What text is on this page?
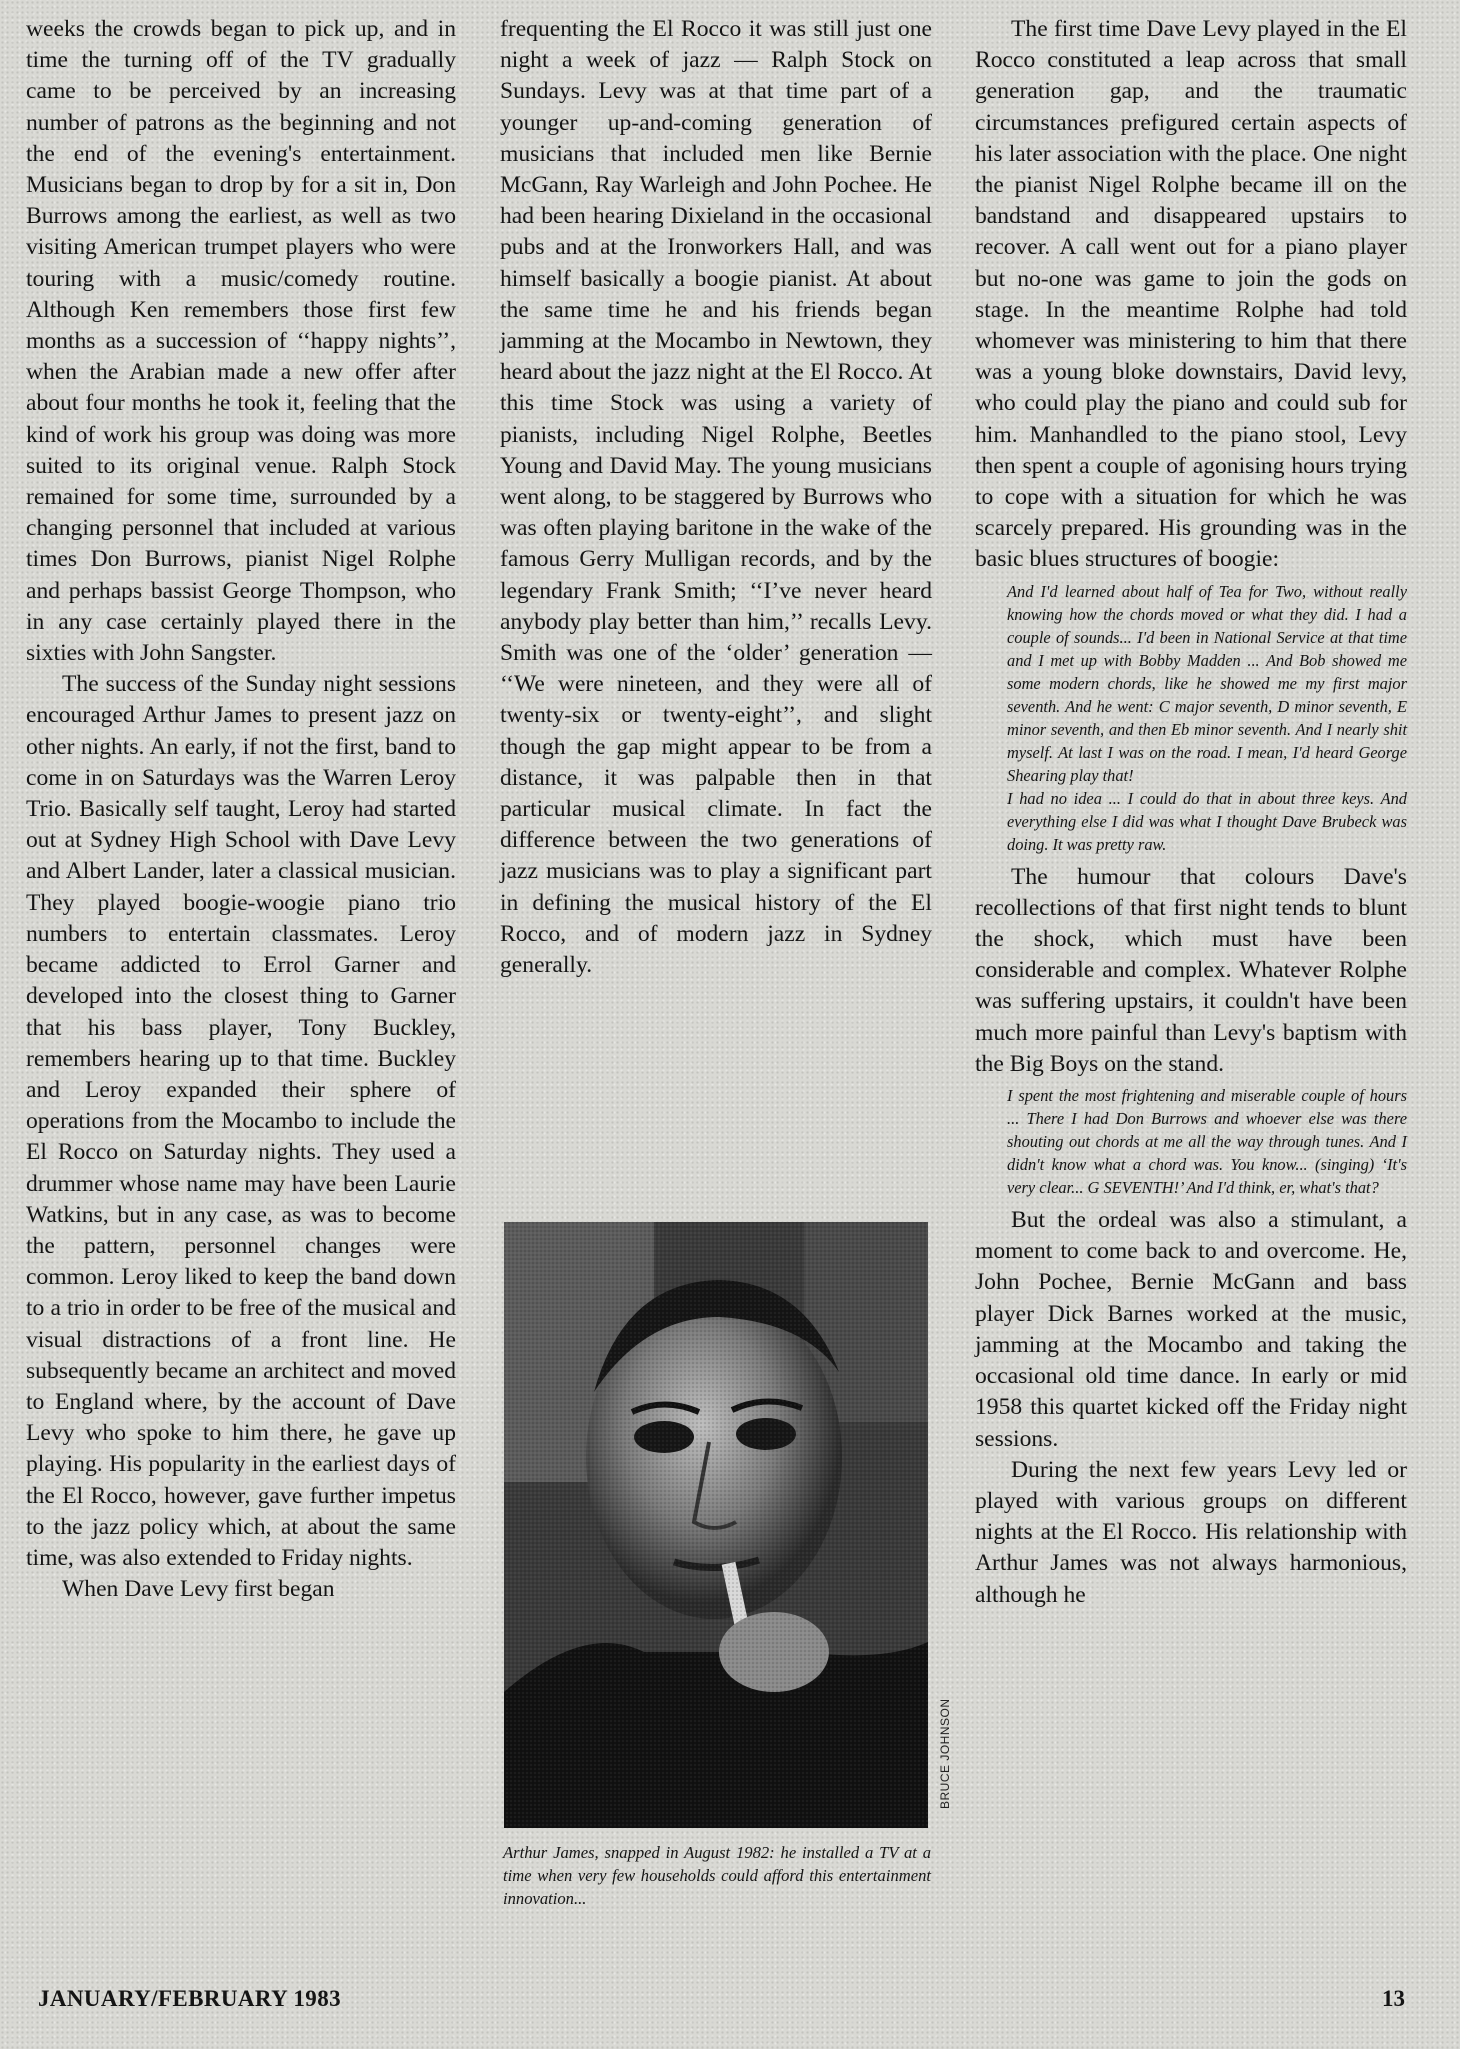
weeks the crowds began to pick up, and in time the turning off of the TV gradually came to be perceived by an increasing number of patrons as the beginning and not the end of the evening's entertainment. Musicians began to drop by for a sit in, Don Burrows among the earliest, as well as two visiting American trumpet players who were touring with a music/comedy routine. Although Ken remembers those first few months as a succession of ‘‘happy nights’’, when the Arabian made a new offer after about four months he took it, feeling that the kind of work his group was doing was more suited to its original venue. Ralph Stock remained for some time, surrounded by a changing personnel that included at various times Don Burrows, pianist Nigel Rolphe and perhaps bassist George Thompson, who in any case certainly played there in the sixties with John Sangster.

The success of the Sunday night sessions encouraged Arthur James to present jazz on other nights. An early, if not the first, band to come in on Saturdays was the Warren Leroy Trio. Basically self taught, Leroy had started out at Sydney High School with Dave Levy and Albert Lander, later a classical musician. They played boogie-woogie piano trio numbers to entertain classmates. Leroy became addicted to Errol Garner and developed into the closest thing to Garner that his bass player, Tony Buckley, remembers hearing up to that time. Buckley and Leroy expanded their sphere of operations from the Mocambo to include the El Rocco on Saturday nights. They used a drummer whose name may have been Laurie Watkins, but in any case, as was to become the pattern, personnel changes were common. Leroy liked to keep the band down to a trio in order to be free of the musical and visual distractions of a front line. He subsequently became an architect and moved to England where, by the account of Dave Levy who spoke to him there, he gave up playing. His popularity in the earliest days of the El Rocco, however, gave further impetus to the jazz policy which, at about the same time, was also extended to Friday nights.

When Dave Levy first began

frequenting the El Rocco it was still just one night a week of jazz — Ralph Stock on Sundays. Levy was at that time part of a younger up-and-coming generation of musicians that included men like Bernie McGann, Ray Warleigh and John Pochee. He had been hearing Dixieland in the occasional pubs and at the Ironworkers Hall, and was himself basically a boogie pianist. At about the same time he and his friends began jamming at the Mocambo in Newtown, they heard about the jazz night at the El Rocco. At this time Stock was using a variety of pianists, including Nigel Rolphe, Beetles Young and David May. The young musicians went along, to be staggered by Burrows who was often playing baritone in the wake of the famous Gerry Mulligan records, and by the legendary Frank Smith; ‘‘I’ve never heard anybody play better than him,’’ recalls Levy. Smith was one of the ‘older’ generation — ‘‘We were nineteen, and they were all of twenty-six or twenty-eight’’, and slight though the gap might appear to be from a distance, it was palpable then in that particular musical climate. In fact the difference between the two generations of jazz musicians was to play a significant part in defining the musical history of the El Rocco, and of modern jazz in Sydney generally.

BRUCE JOHNSON
Arthur James, snapped in August 1982: he installed a TV at a time when very few households could afford this entertainment innovation...

The first time Dave Levy played in the El Rocco constituted a leap across that small generation gap, and the traumatic circumstances prefigured certain aspects of his later association with the place. One night the pianist Nigel Rolphe became ill on the bandstand and disappeared upstairs to recover. A call went out for a piano player but no-one was game to join the gods on stage. In the meantime Rolphe had told whomever was ministering to him that there was a young bloke downstairs, David levy, who could play the piano and could sub for him. Manhandled to the piano stool, Levy then spent a couple of agonising hours trying to cope with a situation for which he was scarcely prepared. His grounding was in the basic blues structures of boogie:

And I'd learned about half of Tea for Two, without really knowing how the chords moved or what they did. I had a couple of sounds... I'd been in National Service at that time and I met up with Bobby Madden ... And Bob showed me some modern chords, like he showed me my first major seventh. And he went: C major seventh, D minor seventh, E minor seventh, and then Eb minor seventh. And I nearly shit myself. At last I was on the road. I mean, I'd heard George Shearing play that!
I had no idea ... I could do that in about three keys. And everything else I did was what I thought Dave Brubeck was doing. It was pretty raw.

The humour that colours Dave's recollections of that first night tends to blunt the shock, which must have been considerable and complex. Whatever Rolphe was suffering upstairs, it couldn't have been much more painful than Levy's baptism with the Big Boys on the stand.

I spent the most frightening and miserable couple of hours ... There I had Don Burrows and whoever else was there shouting out chords at me all the way through tunes. And I didn't know what a chord was. You know... (singing) ‘It's very clear... G SEVENTH!’ And I'd think, er, what's that?

But the ordeal was also a stimulant, a moment to come back to and overcome. He, John Pochee, Bernie McGann and bass player Dick Barnes worked at the music, jamming at the Mocambo and taking the occasional old time dance. In early or mid 1958 this quartet kicked off the Friday night sessions.

During the next few years Levy led or played with various groups on different nights at the El Rocco. His relationship with Arthur James was not always harmonious, although he

JANUARY/FEBRUARY 1983	13
